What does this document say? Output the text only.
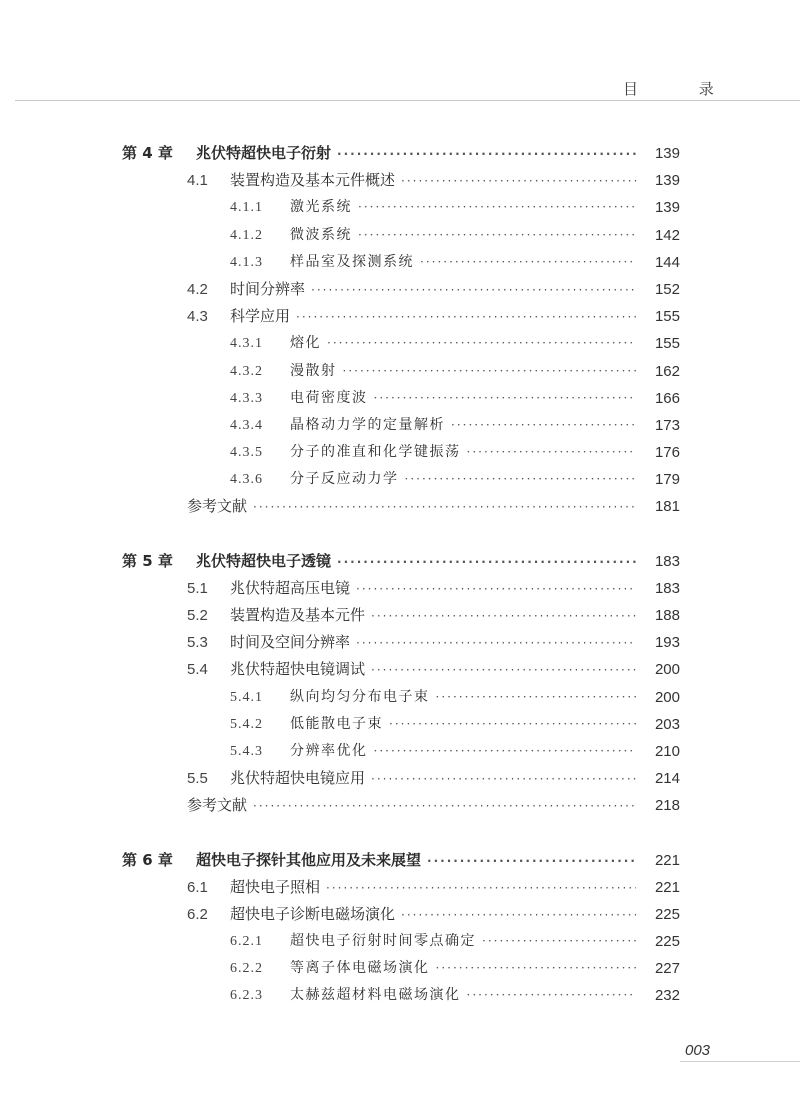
目 录
第 4 章 兆伏特超快电子衍射 ·····	139
4.1 装置构造及基本元件概述 ·····	139
4.1.1 激光系统 ·····	139
4.1.2 微波系统 ·····	142
4.1.3 样品室及探测系统 ·····	144
4.2 时间分辨率 ·····	152
4.3 科学应用 ·····	155
4.3.1 熔化 ·····	155
4.3.2 漫散射 ·····	162
4.3.3 电荷密度波 ·····	166
4.3.4 晶格动力学的定量解析 ·····	173
4.3.5 分子的准直和化学键振荡 ·····	176
4.3.6 分子反应动力学 ·····	179
参考文献 ·····	181
第 5 章 兆伏特超快电子透镜 ·····	183
5.1 兆伏特超高压电镜 ·····	183
5.2 装置构造及基本元件 ·····	188
5.3 时间及空间分辨率 ·····	193
5.4 兆伏特超快电镜调试 ·····	200
5.4.1 纵向均匀分布电子束 ·····	200
5.4.2 低能散电子束 ·····	203
5.4.3 分辨率优化 ·····	210
5.5 兆伏特超快电镜应用 ·····	214
参考文献 ·····	218
第 6 章 超快电子探针其他应用及未来展望 ·····	221
6.1 超快电子照相 ·····	221
6.2 超快电子诊断电磁场演化 ·····	225
6.2.1 超快电子衍射时间零点确定 ·····	225
6.2.2 等离子体电磁场演化 ·····	227
6.2.3 太赫兹超材料电磁场演化 ·····	232
003
